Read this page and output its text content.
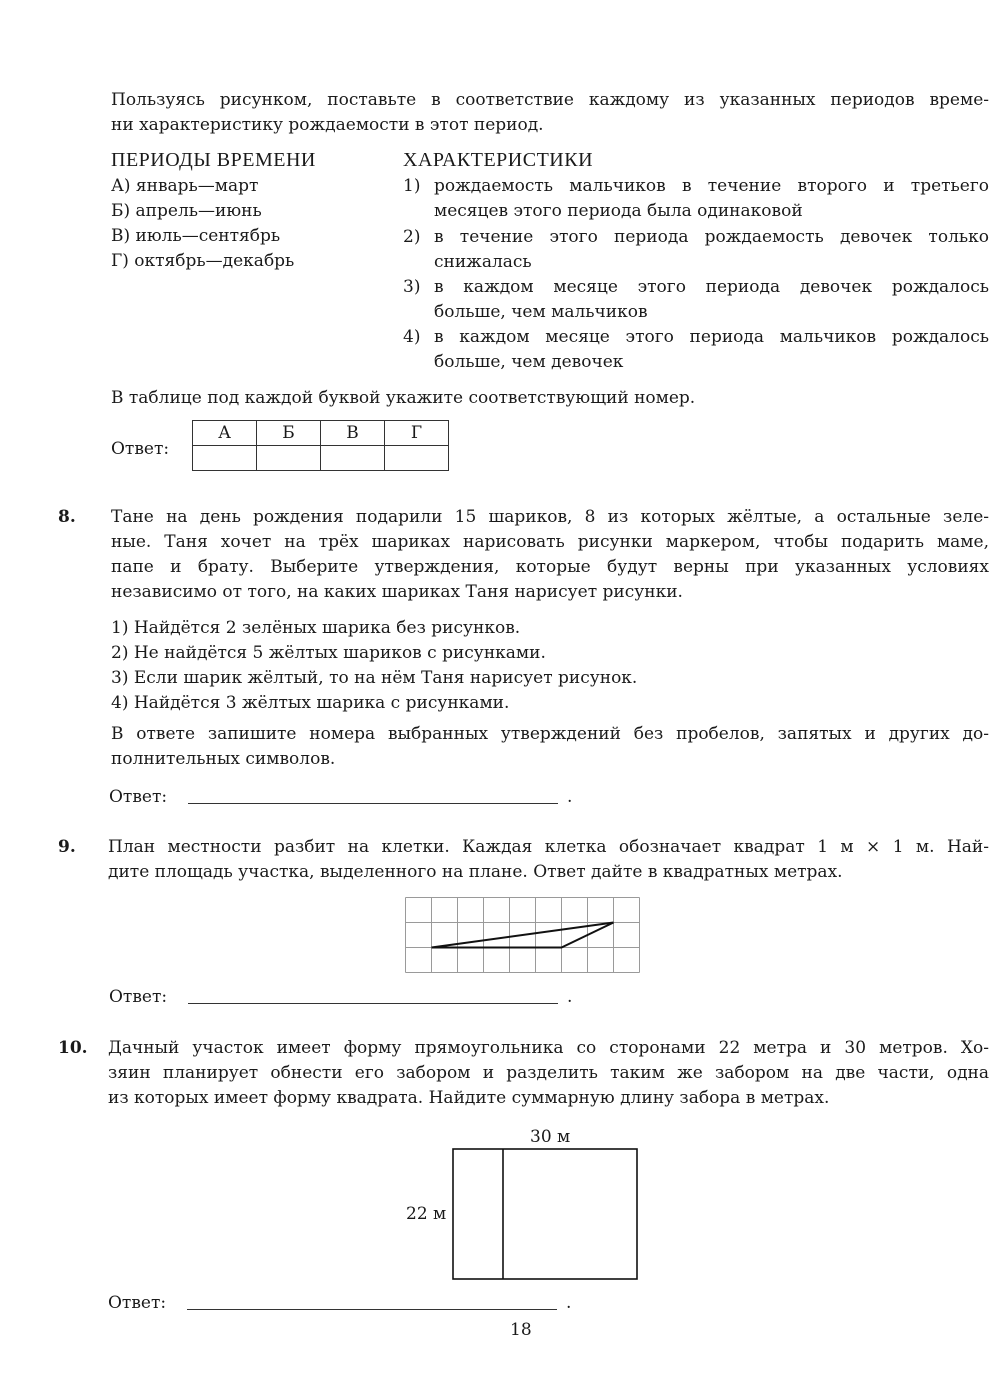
Пользуясь рисунком, поставьте в соответствие каждому из указанных периодов време-
ни характеристику рождаемости в этот период.
ПЕРИОДЫ ВРЕМЕНИ	ХАРАКТЕРИСТИКИ
А) январь—март
Б) апрель—июнь
В) июль—сентябрь
Г) октябрь—декабрь
1) рождаемость мальчиков в течение второго и третьего
месяцев этого периода была одинаковой
2) в течение этого периода рождаемость девочек только
снижалась
3) в каждом месяце этого периода девочек рождалось
больше, чем мальчиков
4) в каждом месяце этого периода мальчиков рождалось
больше, чем девочек
В таблице под каждой буквой укажите соответствующий номер.
Ответ:
А	Б	В	Г

8. Тане на день рождения подарили 15 шариков, 8 из которых жёлтые, а остальные зеле-
ные. Таня хочет на трёх шариках нарисовать рисунки маркером, чтобы подарить маме,
папе и брату. Выберите утверждения, которые будут верны при указанных условиях
независимо от того, на каких шариках Таня нарисует рисунки.
1) Найдётся 2 зелёных шарика без рисунков.
2) Не найдётся 5 жёлтых шариков с рисунками.
3) Если шарик жёлтый, то на нём Таня нарисует рисунок.
4) Найдётся 3 жёлтых шарика с рисунками.
В ответе запишите номера выбранных утверждений без пробелов, запятых и других до-
полнительных символов.
Ответ:	.
9. План местности разбит на клетки. Каждая клетка обозначает квадрат 1 м × 1 м. Най-
дите площадь участка, выделенного на плане. Ответ дайте в квадратных метрах.
Ответ:	.
10. Дачный участок имеет форму прямоугольника со сторонами 22 метра и 30 метров. Хо-
зяин планирует обнести его забором и разделить таким же забором на две части, одна
из которых имеет форму квадрата. Найдите суммарную длину забора в метрах.
30 м
22 м
Ответ:	.
18
